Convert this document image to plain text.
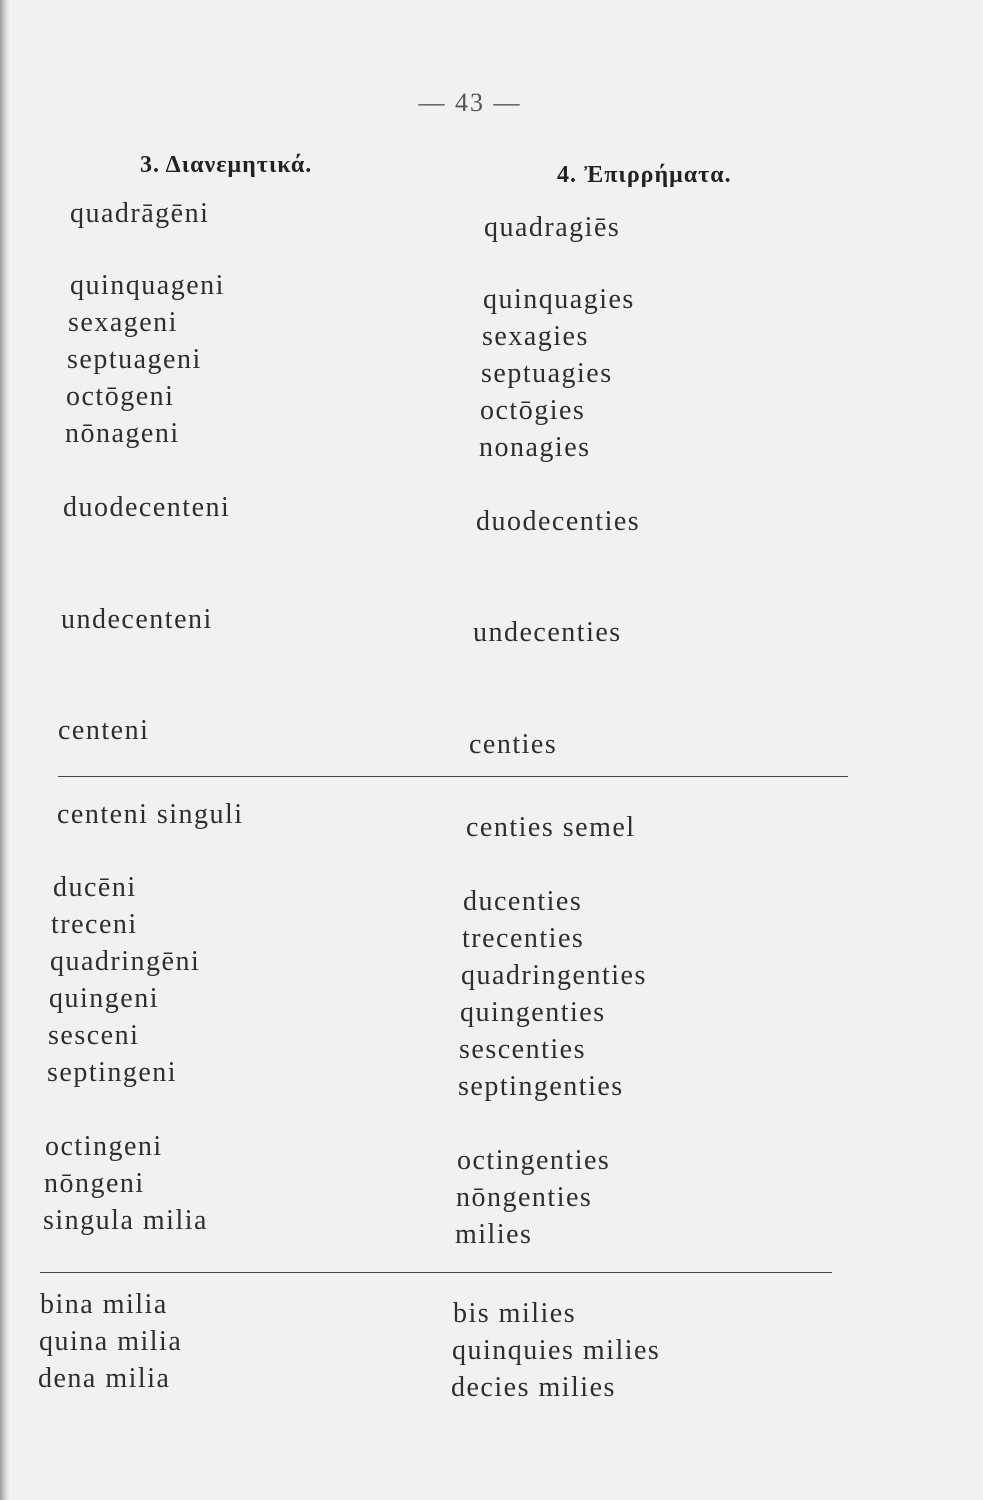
— 43 —
3. Διανεμητικά.	4. Ἐπιρρήματα.
quadrāgēni
quinquageni
sexageni
septuageni
octōgeni
nōnageni
duodecenteni
undecenteni
centeni
centeni singuli
ducēni
treceni
quadringēni
quingeni
sesceni
septingeni
octingeni
nōngeni
singula milia
bina milia
quina milia
dena milia
quadragiēs
quinquagies
sexagies
septuagies
octōgies
nonagies
duodecenties
undecenties
centies
centies semel
ducenties
trecenties
quadringenties
quingenties
sescenties
septingenties
octingenties
nōngenties
milies
bis milies
quinquies milies
decies milies
